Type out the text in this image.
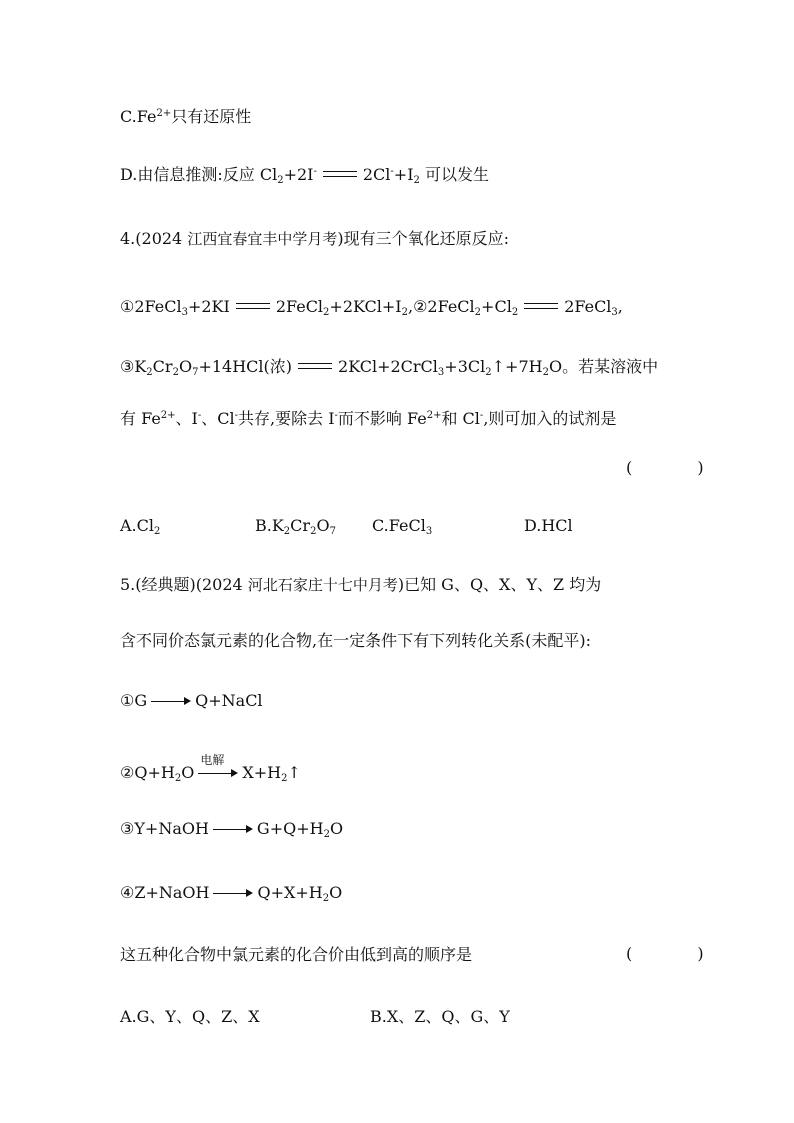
$C.Fe^{2+}$只有还原性
D.由信息推测:反应 $Cl_2+2I^-$	$2Cl^-+I_2$ 可以发生
4.(2024 江西宜春宜丰中学月考)现有三个氧化还原反应:
①2FeCl$_3$+2KI	$2FeCl_2+2KCl+I_2,②2FeCl_2+Cl_2$	2FeCl$_3$,
$③K_2Cr_2O_7+14HCl$(浓)	$2KCl+2CrCl_3+3Cl_2↑+7H_2O$。若某溶液中
有 $Fe^{2+}$、I-、Cl-共存,要除去 I-而不影响 $Fe^{2+}$和 Cl-,则可加入的试剂是
( )
$A.Cl_2$	$B.K_2Cr_2O_7$ C.FeCl$_3$	D.HCl
5.(经典题)(2024 河北石家庄十七中月考)已知 G、Q、X、Y、Z 均为
含不同价态氯元素的化合物,在一定条件下有下列转化关系(未配平):
①G	Q+NaCl
$②Q+H_2O$
电解
$X+H_2↑$
③Y+NaOH	$G+Q+H_2O$
④Z+NaOH	$Q+X+H_2O$
这五种化合物中氯元素的化合价由低到高的顺序是	( )
A.G、Y、Q、Z、X	B.X、Z、Q、G、Y
